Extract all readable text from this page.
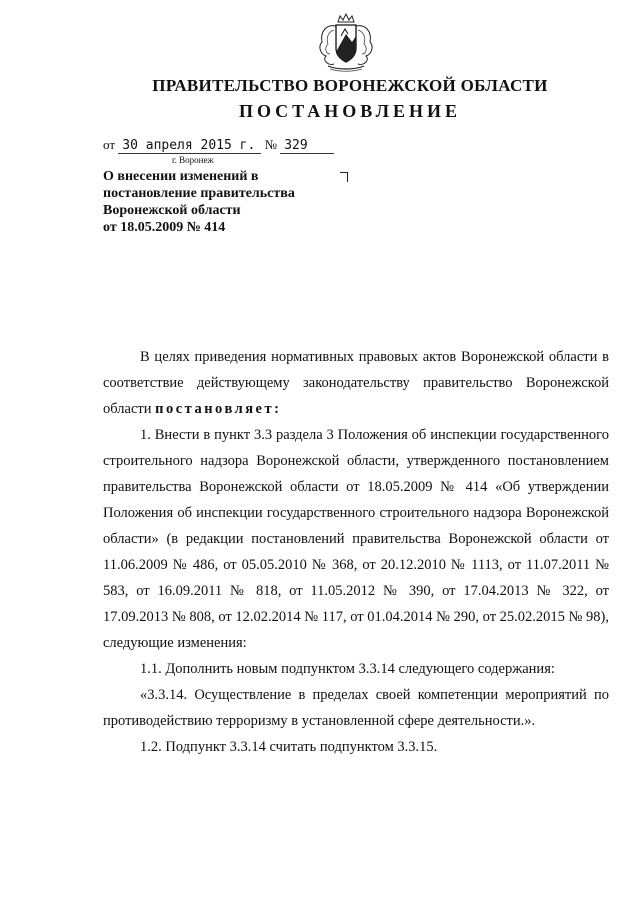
ПРАВИТЕЛЬСТВО ВОРОНЕЖСКОЙ ОБЛАСТИ
ПОСТАНОВЛЕНИЕ
от 30 апреля 2015 г. № 329
г. Воронеж
О внесении изменений в
постановление правительства
Воронежской области
от 18.05.2009 № 414

В целях приведения нормативных правовых актов Воронежской области в соответствие действующему законодательству правительство Воронежской области постановляет:

1. Внести в пункт 3.3 раздела 3 Положения об инспекции государственного строительного надзора Воронежской области, утвержденного постановлением правительства Воронежской области от 18.05.2009 № 414 «Об утверждении Положения об инспекции государственного строительного надзора Воронежской области» (в редакции постановлений правительства Воронежской области от 11.06.2009 № 486, от 05.05.2010 № 368, от 20.12.2010 № 1113, от 11.07.2011 № 583, от 16.09.2011 № 818, от 11.05.2012 № 390, от 17.04.2013 № 322, от 17.09.2013 № 808, от 12.02.2014 № 117, от 01.04.2014 № 290, от 25.02.2015 № 98), следующие изменения:

1.1. Дополнить новым подпунктом 3.3.14 следующего содержания:

«3.3.14. Осуществление в пределах своей компетенции мероприятий по противодействию терроризму в установленной сфере деятельности.».

1.2. Подпункт 3.3.14 считать подпунктом 3.3.15.
